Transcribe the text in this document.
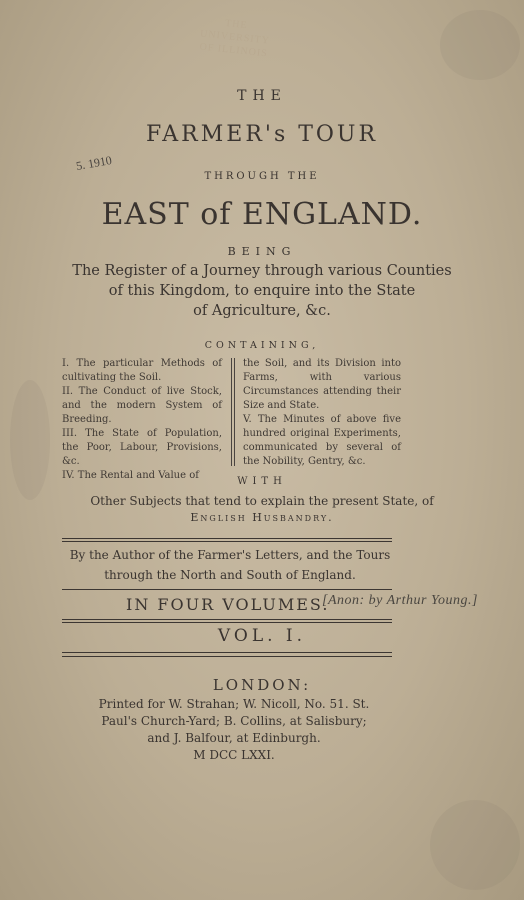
THE
UNIVERSITY
OF ILLINOIS
THE
FARMER's TOUR
5. 1910
THROUGH THE
EAST of ENGLAND.
BEING
The Register of a Journey through various Counties
of this Kingdom, to enquire into the State
of Agriculture, &c.
CONTAINING,

I. The particular Methods of cultivating the Soil.

II. The Conduct of live Stock, and the modern System of Breeding.

III. The State of Population, the Poor, Labour, Provisions, &c.

IV. The Rental and Value of

the Soil, and its Division into Farms, with various Circumstances attending their Size and State.

V. The Minutes of above five hundred original Experiments, communicated by several of the Nobility, Gentry, &c.

WITH
Other Subjects that tend to explain the present State, of
English Husbandry.
By the Author of the Farmer's Letters, and the Tours through the North and South of England.
IN FOUR VOLUMES.
[Anon: by Arthur Young.]
VOL. I.
LONDON:
Printed for W. Strahan; W. Nicoll, No. 51. St.
Paul's Church-Yard; B. Collins, at Salisbury;
and J. Balfour, at Edinburgh.
M DCC LXXI.
